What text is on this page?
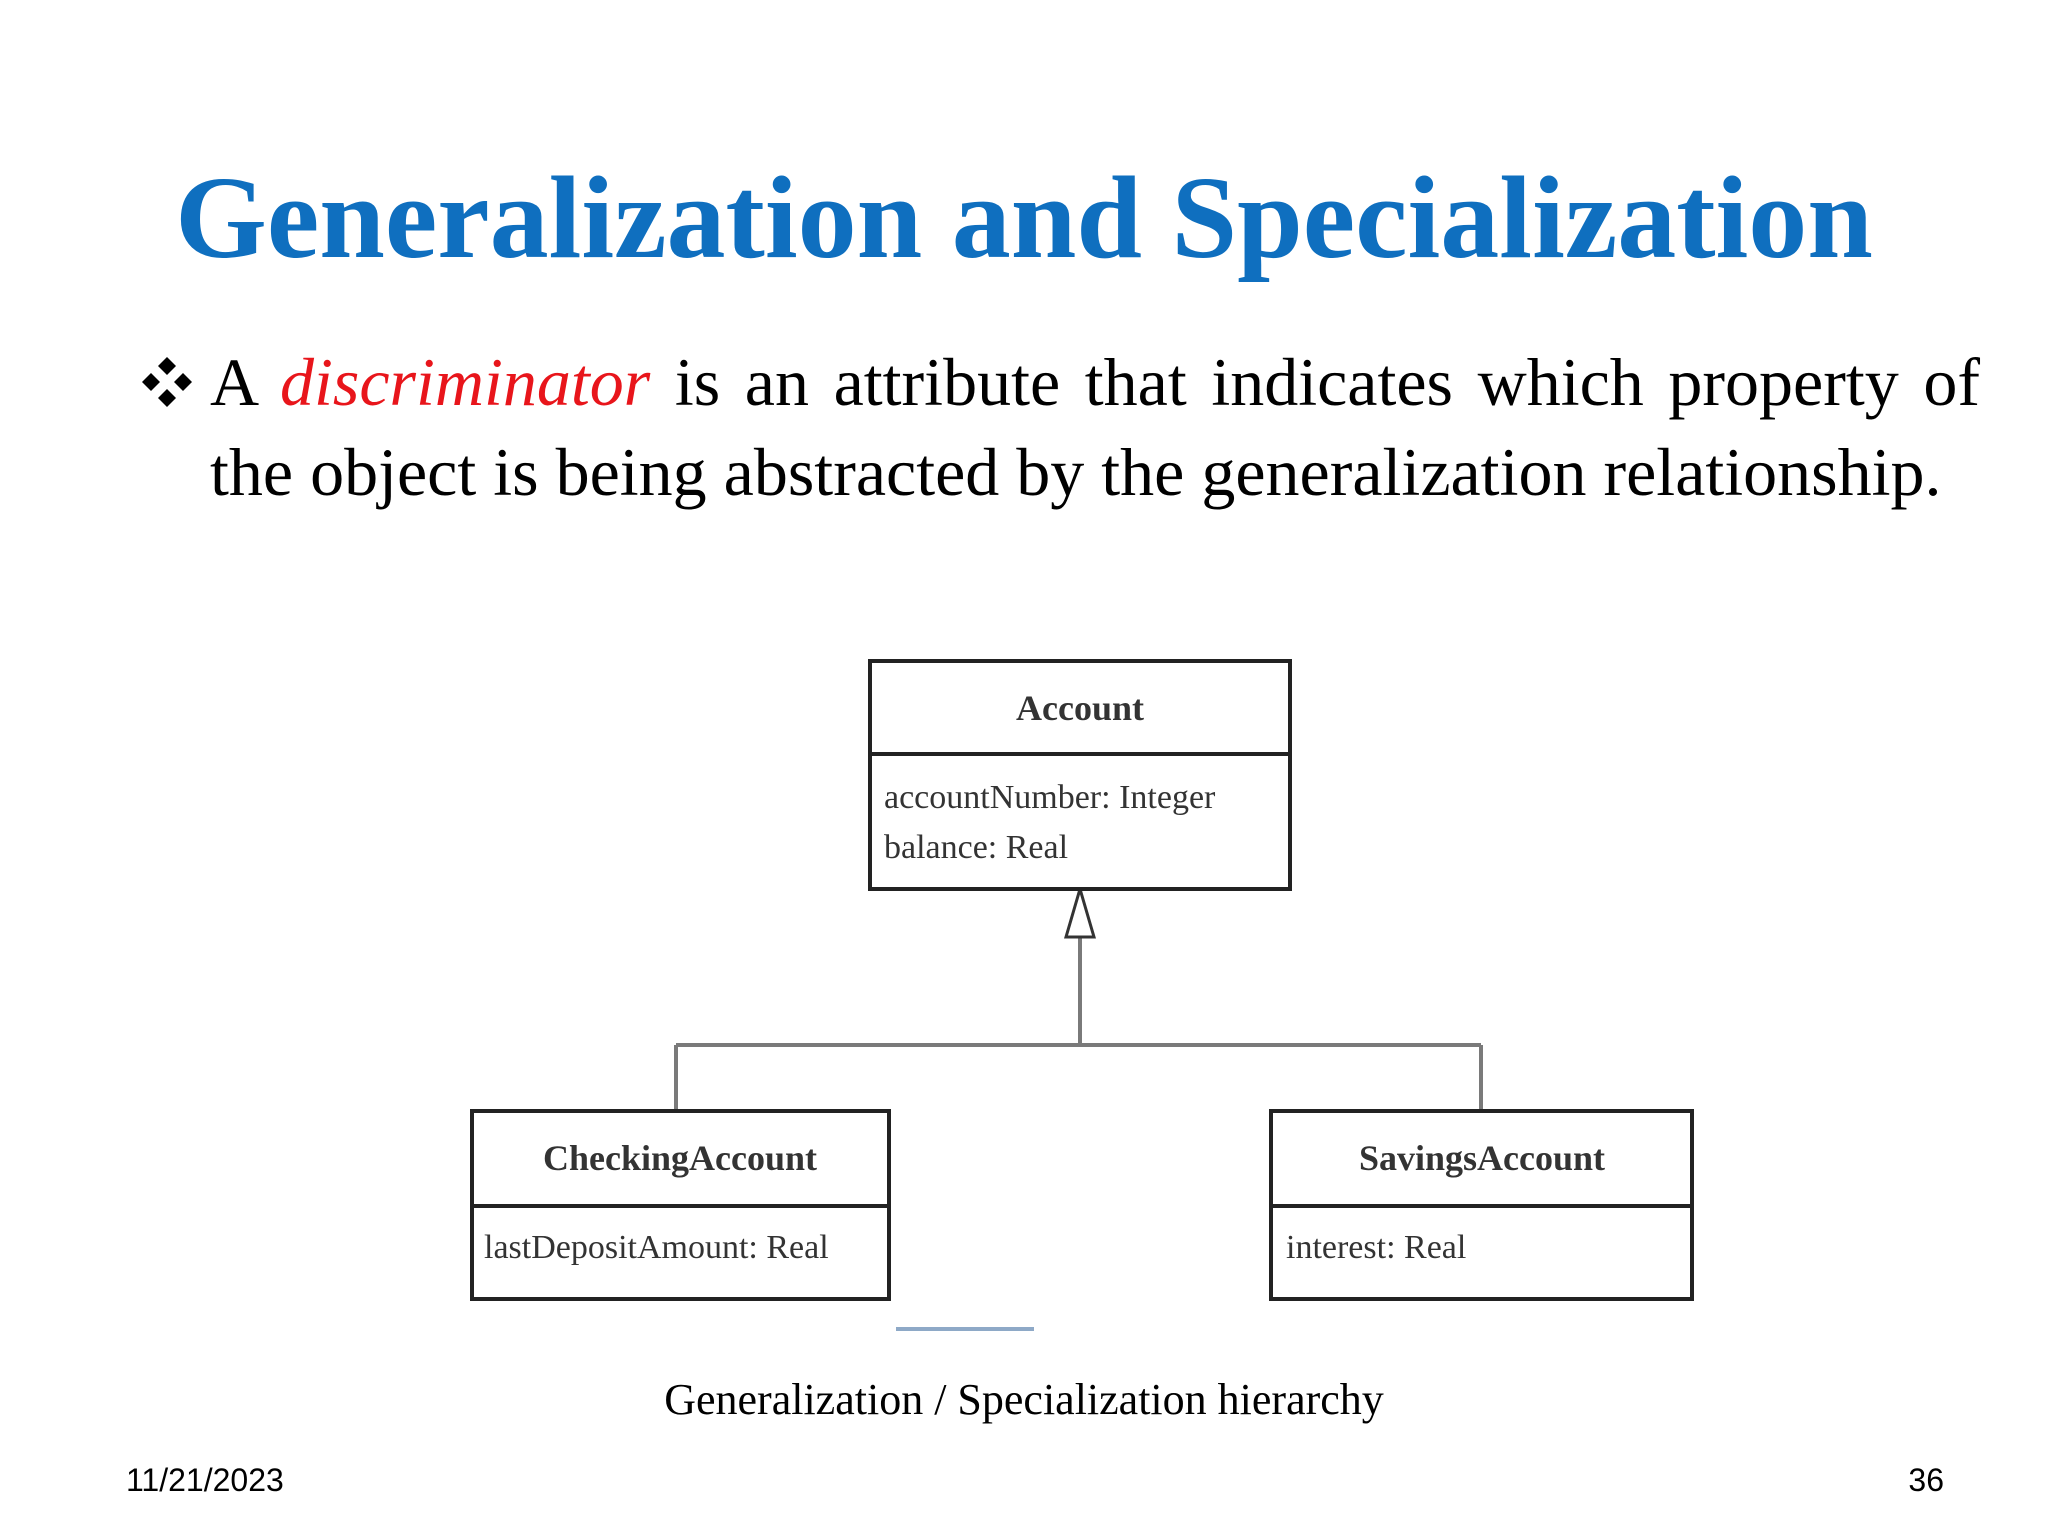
Generalization and Specialization
A discriminator is an attribute that indicates which property of the object is being abstracted by the generalization relationship.
Account
accountNumber: Integer
balance: Real
CheckingAccount
lastDepositAmount: Real
SavingsAccount
interest: Real
Generalization / Specialization hierarchy
11/21/2023	36
